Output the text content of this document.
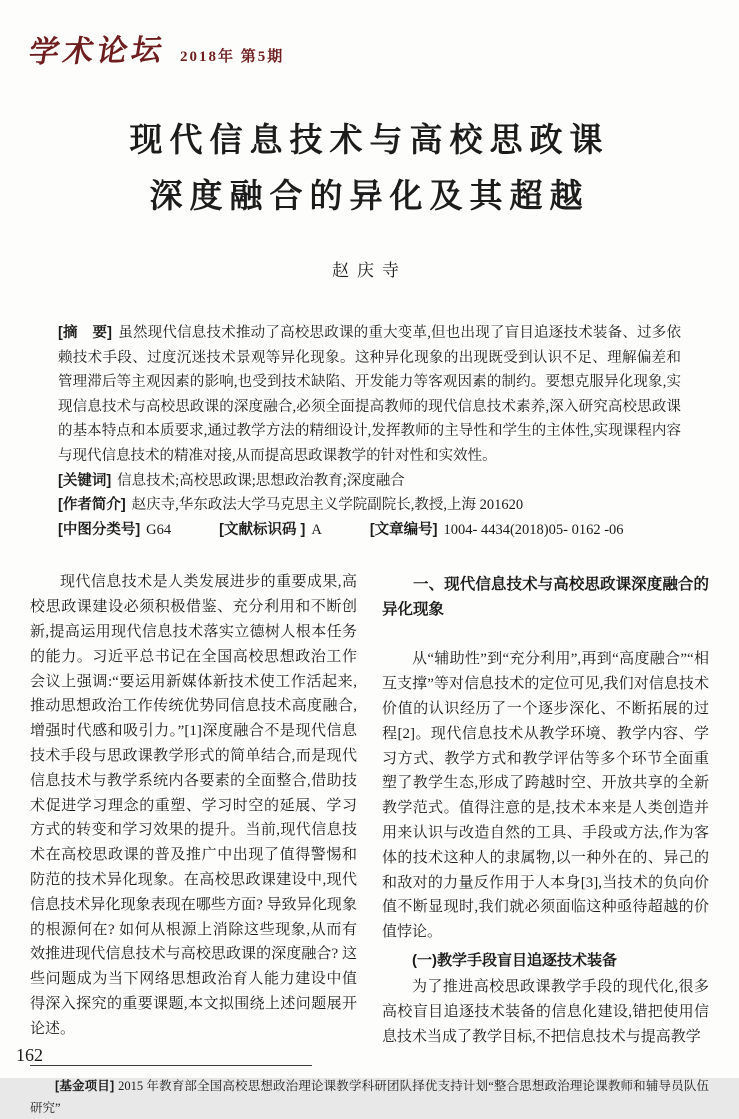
学术论坛 2018年 第5期
现代信息技术与高校思政课
深度融合的异化及其超越
赵庆寺

[摘　要] 虽然现代信息技术推动了高校思政课的重大变革,但也出现了盲目追逐技术装备、过多依赖技术手段、过度沉迷技术景观等异化现象。这种异化现象的出现既受到认识不足、理解偏差和管理滞后等主观因素的影响,也受到技术缺陷、开发能力等客观因素的制约。要想克服异化现象,实现信息技术与高校思政课的深度融合,必须全面提高教师的现代信息技术素养,深入研究高校思政课的基本特点和本质要求,通过教学方法的精细设计,发挥教师的主导性和学生的主体性,实现课程内容与现代信息技术的精准对接,从而提高思政课教学的针对性和实效性。

[关键词] 信息技术;高校思政课;思想政治教育;深度融合

[作者简介] 赵庆寺,华东政法大学马克思主义学院副院长,教授,上海 201620

[中图分类号] G64	[文献标识码 ] A	[文章编号] 1004- 4434(2018)05- 0162 -06

现代信息技术是人类发展进步的重要成果,高校思政课建设必须积极借鉴、充分利用和不断创新,提高运用现代信息技术落实立德树人根本任务的能力。习近平总书记在全国高校思想政治工作会议上强调:“要运用新媒体新技术使工作活起来,推动思想政治工作传统优势同信息技术高度融合,增强时代感和吸引力。”[1]深度融合不是现代信息技术手段与思政课教学形式的简单结合,而是现代信息技术与教学系统内各要素的全面整合,借助技术促进学习理念的重塑、学习时空的延展、学习方式的转变和学习效果的提升。当前,现代信息技术在高校思政课的普及推广中出现了值得警惕和防范的技术异化现象。在高校思政课建设中,现代信息技术异化现象表现在哪些方面? 导致异化现象的根源何在? 如何从根源上消除这些现象,从而有效推进现代信息技术与高校思政课的深度融合? 这些问题成为当下网络思想政治育人能力建设中值得深入探究的重要课题,本文拟围绕上述问题展开论述。

一、现代信息技术与高校思政课深度融合的异化现象

从“辅助性”到“充分利用”,再到“高度融合”“相互支撑”等对信息技术的定位可见,我们对信息技术价值的认识经历了一个逐步深化、不断拓展的过程[2]。现代信息技术从教学环境、教学内容、学习方式、教学方式和教学评估等多个环节全面重塑了教学生态,形成了跨越时空、开放共享的全新教学范式。值得注意的是,技术本来是人类创造并用来认识与改造自然的工具、手段或方法,作为客体的技术这种人的隶属物,以一种外在的、异己的和敌对的力量反作用于人本身[3],当技术的负向价值不断显现时,我们就必须面临这种亟待超越的价值悖论。

(一)教学手段盲目追逐技术装备

为了推进高校思政课教学手段的现代化,很多高校盲目追逐技术装备的信息化建设,错把使用信息技术当成了教学目标,不把信息技术与提高教学

[基金项目] 2015 年教育部全国高校思想政治理论课教学科研团队择优支持计划“整合思想政治理论课教师和辅导员队伍研究”

162
